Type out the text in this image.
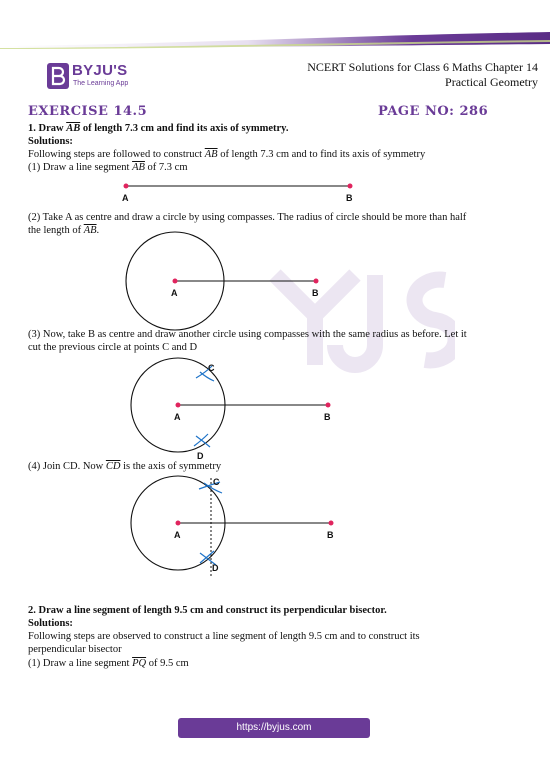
BYJU'S
The Learning App
NCERT Solutions for Class 6 Maths Chapter 14
Practical Geometry
EXERCISE 14.5	PAGE NO: 286
1. Draw $\overline{AB}$ of length 7.3 cm and find its axis of symmetry.
Solutions:
Following steps are followed to construct $\overline{AB}$ of length 7.3 cm and to find its axis of symmetry
(1) Draw a line segment $\overline{AB}$ of 7.3 cm
A	B
(2) Take A as centre and draw a circle by using compasses. The radius of circle should be more than half
the length of $\overline{AB}$.
A	B
(3) Now, take B as centre and draw another circle using compasses with the same radius as before. Let it
cut the previous circle at points C and D
C
A	B
D
(4) Join CD. Now $\overline{CD}$ is the axis of symmetry
C
A	B
D
2. Draw a line segment of length 9.5 cm and construct its perpendicular bisector.
Solutions:
Following steps are observed to construct a line segment of length 9.5 cm and to construct its
perpendicular bisector
(1) Draw a line segment $\overline{PQ}$ of 9.5 cm
https://byjus.com
